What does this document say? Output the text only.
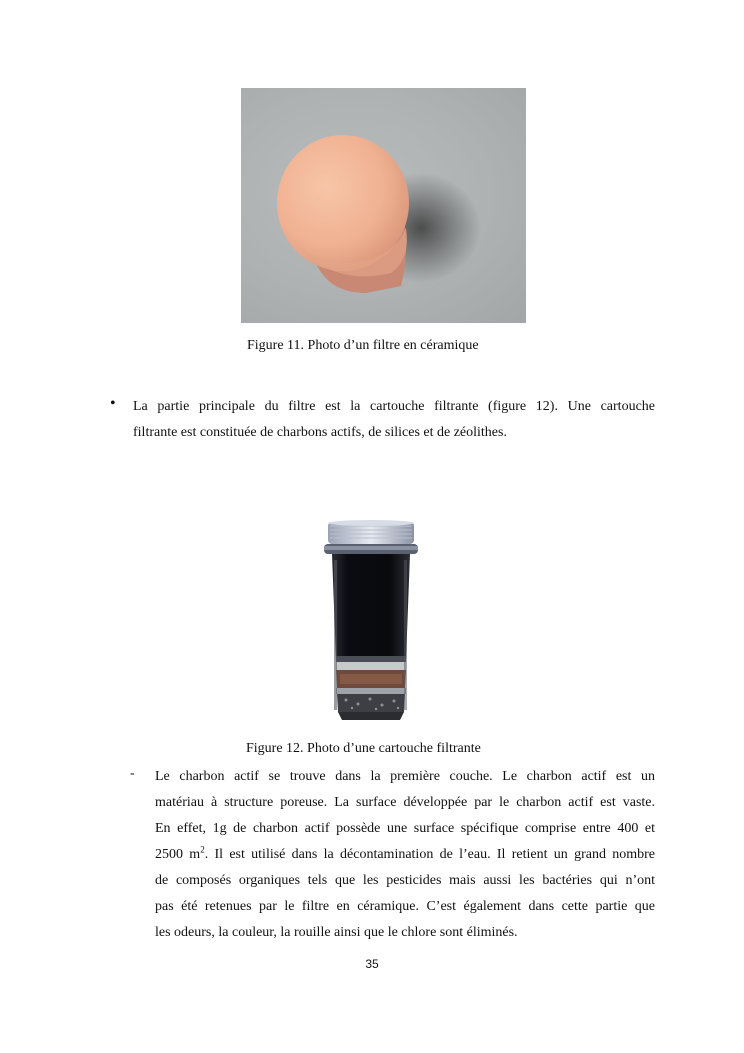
Figure 11. Photo d’un filtre en céramique
• La partie principale du filtre est la cartouche filtrante (figure 12). Une cartouche
filtrante est constituée de charbons actifs, de silices et de zéolithes.
Figure 12. Photo d’une cartouche filtrante
- Le charbon actif se trouve dans la première couche. Le charbon actif est un
matériau à structure poreuse. La surface développée par le charbon actif est vaste.
En effet, 1g de charbon actif possède une surface spécifique comprise entre 400 et
2500 $m^2$. Il est utilisé dans la décontamination de l’eau. Il retient un grand nombre
de composés organiques tels que les pesticides mais aussi les bactéries qui n’ont
pas été retenues par le filtre en céramique. C’est également dans cette partie que
les odeurs, la couleur, la rouille ainsi que le chlore sont éliminés.
35
